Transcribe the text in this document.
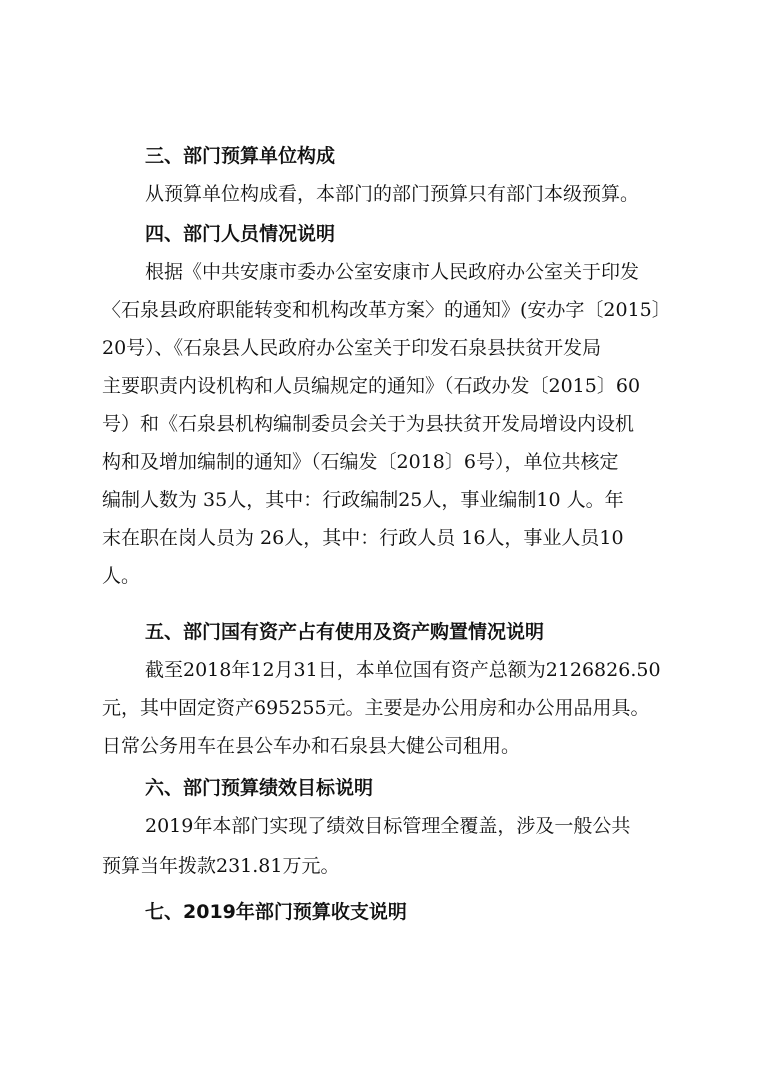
三、部门预算单位构成
从预算单位构成看，本部门的部门预算只有部门本级预算。
四、部门人员情况说明
根据《中共安康市委办公室安康市人民政府办公室关于印发
〈石泉县政府职能转变和机构改革方案〉的通知》(安办字〔2015〕
20号）、《石泉县人民政府办公室关于印发石泉县扶贫开发局
主要职责内设机构和人员编规定的通知》（石政办发〔2015〕60
号）和《石泉县机构编制委员会关于为县扶贫开发局增设内设机
构和及增加编制的通知》（石编发〔2018〕6号），单位共核定
编制人数为 35人，其中：行政编制25人，事业编制10 人。年
末在职在岗人员为 26人，其中：行政人员 16人，事业人员10
人。
五、部门国有资产占有使用及资产购置情况说明
截至2018年12月31日，本单位国有资产总额为2126826.50
元，其中固定资产695255元。主要是办公用房和办公用品用具。
日常公务用车在县公车办和石泉县大健公司租用。
六、部门预算绩效目标说明
2019年本部门实现了绩效目标管理全覆盖，涉及一般公共
预算当年拨款231.81万元。
七、2019年部门预算收支说明
